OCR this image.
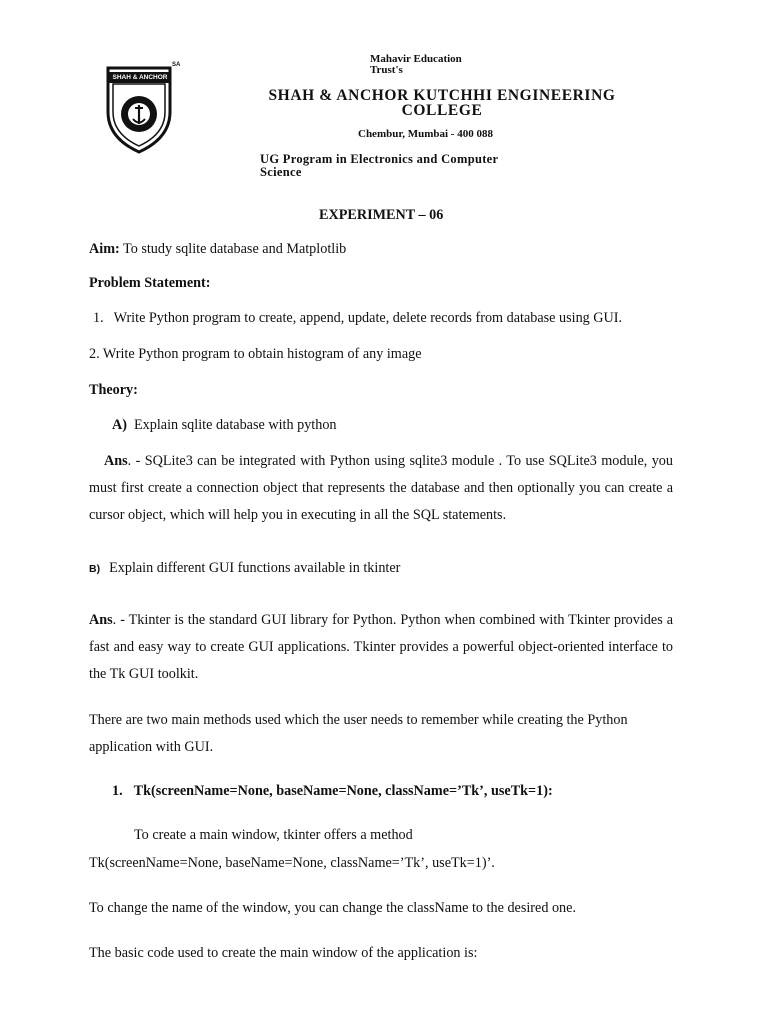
SHAH & ANCHOR
SA	Mahavir Education
Trust's
SHAH & ANCHOR KUTCHHI ENGINEERING
COLLEGE
Chembur, Mumbai - 400 088
UG Program in Electronics and Computer
Science
EXPERIMENT – 06
Aim: To study sqlite database and Matplotlib
Problem Statement:
1. Write Python program to create, append, update, delete records from database using GUI.
2. Write Python program to obtain histogram of any image
Theory:
A) Explain sqlite database with python
Ans. - SQLite3 can be integrated with Python using sqlite3 module . To use SQLite3 module, you must first create a connection object that represents the database and then optionally you can create a cursor object, which will help you in executing in all the SQL statements.
B) Explain different GUI functions available in tkinter
Ans. - Tkinter is the standard GUI library for Python. Python when combined with Tkinter provides a fast and easy way to create GUI applications. Tkinter provides a powerful object-oriented interface to the Tk GUI toolkit.
There are two main methods used which the user needs to remember while creating the Python application with GUI.
1. Tk(screenName=None, baseName=None, className=’Tk’, useTk=1):
To create a main window, tkinter offers a method
Tk(screenName=None, baseName=None, className=’Tk’, useTk=1)’.
To change the name of the window, you can change the className to the desired one.
The basic code used to create the main window of the application is:
